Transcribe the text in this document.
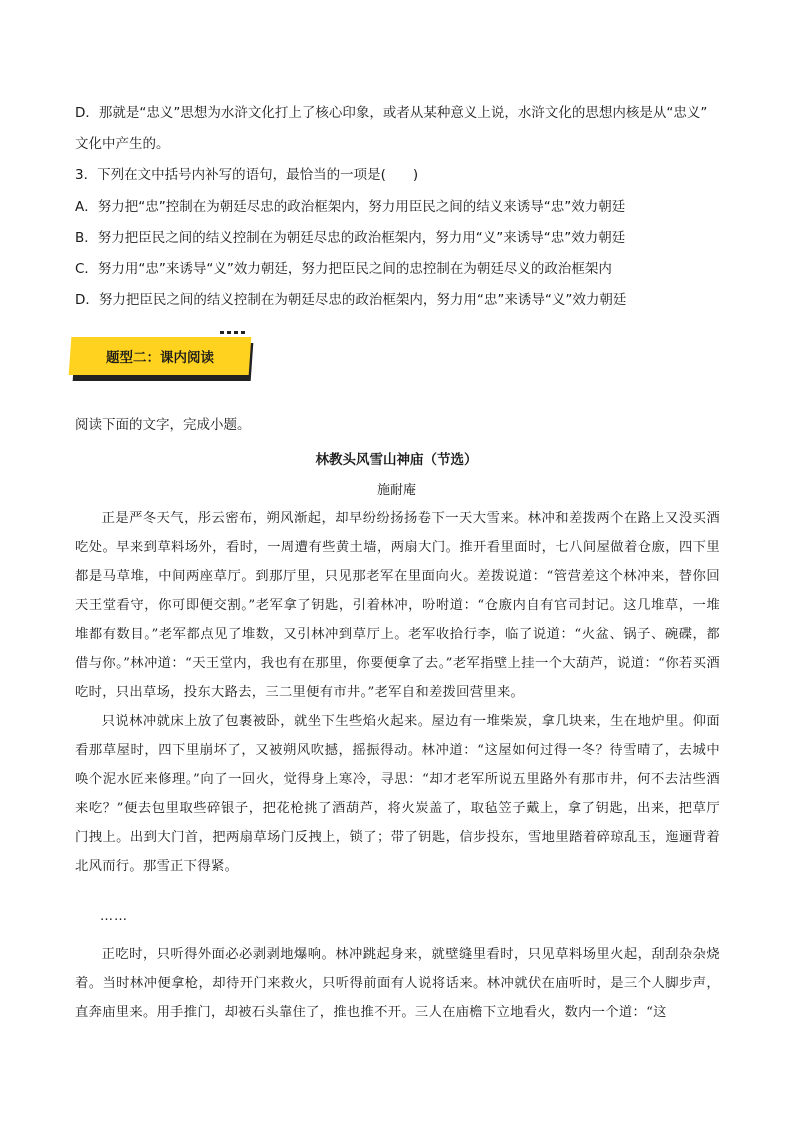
D．那就是“忠义”思想为水浒文化打上了核心印象，或者从某种意义上说，水浒文化的思想内核是从“忠义”
文化中产生的。
3．下列在文中括号内补写的语句，最恰当的一项是(　　)
A．努力把“忠”控制在为朝廷尽忠的政治框架内，努力用臣民之间的结义来诱导“忠”效力朝廷
B．努力把臣民之间的结义控制在为朝廷尽忠的政治框架内，努力用“义”来诱导“忠”效力朝廷
C．努力用“忠”来诱导“义”效力朝廷，努力把臣民之间的忠控制在为朝廷尽义的政治框架内
D．努力把臣民之间的结义控制在为朝廷尽忠的政治框架内，努力用“忠”来诱导“义”效力朝廷
题型二：课内阅读
阅读下面的文字，完成小题。
林教头风雪山神庙（节选）
施耐庵

正是严冬天气，彤云密布，朔风渐起，却早纷纷扬扬卷下一天大雪来。林冲和差拨两个在路上又没买酒吃处。早来到草料场外，看时，一周遭有些黄土墙，两扇大门。推开看里面时，七八间屋做着仓廒，四下里都是马草堆，中间两座草厅。到那厅里，只见那老军在里面向火。差拨说道：“管营差这个林冲来，替你回天王堂看守，你可即便交割。”老军拿了钥匙，引着林冲，吩咐道：“仓廒内自有官司封记。这几堆草，一堆堆都有数目。”老军都点见了堆数，又引林冲到草厅上。老军收拾行李，临了说道：“火盆、锅子、碗碟，都借与你。”林冲道：“天王堂内，我也有在那里，你要便拿了去。”老军指壁上挂一个大葫芦，说道：“你若买酒吃时，只出草场，投东大路去，三二里便有市井。”老军自和差拨回营里来。

只说林冲就床上放了包裹被卧，就坐下生些焰火起来。屋边有一堆柴炭，拿几块来，生在地炉里。仰面看那草屋时，四下里崩坏了，又被朔风吹撼，摇振得动。林冲道：“这屋如何过得一冬？待雪晴了，去城中唤个泥水匠来修理。”向了一回火，觉得身上寒冷，寻思：“却才老军所说五里路外有那市井，何不去沽些酒来吃？”便去包里取些碎银子，把花枪挑了酒葫芦，将火炭盖了，取毡笠子戴上，拿了钥匙，出来，把草厅门拽上。出到大门首，把两扇草场门反拽上，锁了；带了钥匙，信步投东，雪地里踏着碎琼乱玉，迤逦背着北风而行。那雪正下得紧。

……

正吃时，只听得外面必必剥剥地爆响。林冲跳起身来，就壁缝里看时，只见草料场里火起，刮刮杂杂烧着。当时林冲便拿枪，却待开门来救火，只听得前面有人说将话来。林冲就伏在庙听时，是三个人脚步声，直奔庙里来。用手推门，却被石头靠住了，推也推不开。三人在庙檐下立地看火，数内一个道：“这
